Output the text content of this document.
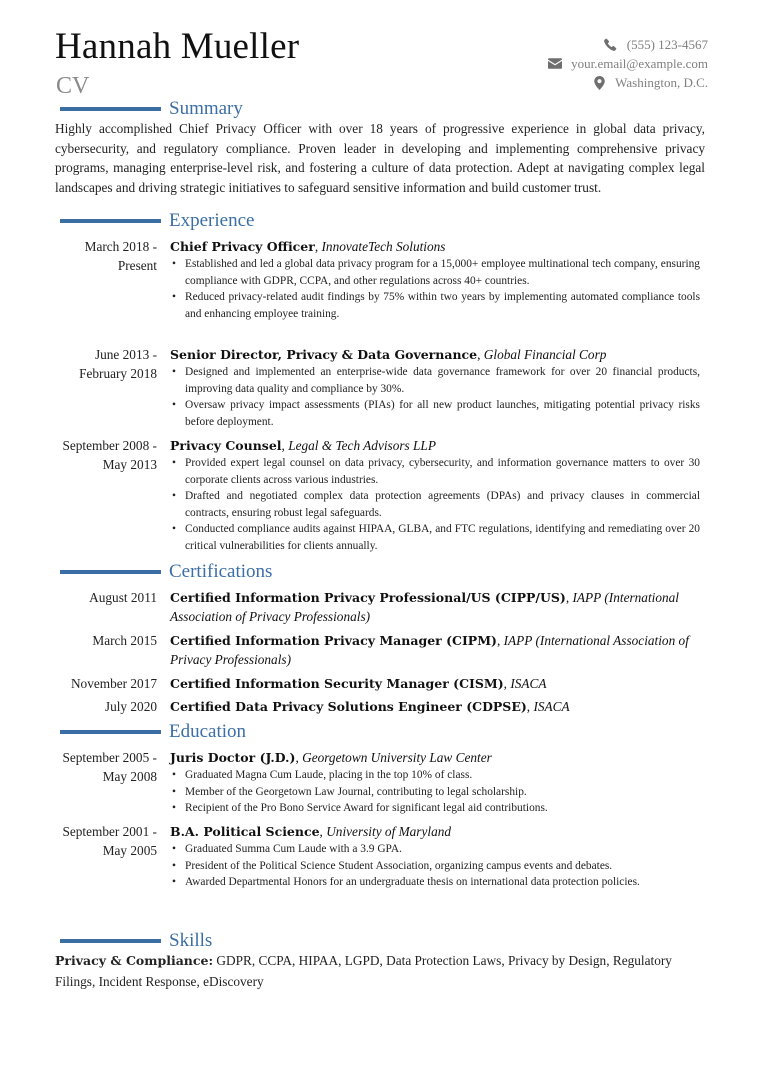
Hannah Mueller
CV
(555) 123-4567
your.email@example.com
Washington, D.C.
Summary
Highly accomplished Chief Privacy Officer with over 18 years of progressive experience in global data privacy, cybersecurity, and regulatory compliance. Proven leader in developing and implementing comprehensive privacy programs, managing enterprise-level risk, and fostering a culture of data protection. Adept at navigating complex legal landscapes and driving strategic initiatives to safeguard sensitive information and build customer trust.
Experience
March 2018 - Present
Chief Privacy Officer, InnovateTech Solutions
• Established and led a global data privacy program for a 15,000+ employee multinational tech company, ensuring compliance with GDPR, CCPA, and other regulations across 40+ countries.
• Reduced privacy-related audit findings by 75% within two years by implementing automated compliance tools and enhancing employee training.
June 2013 - February 2018
Senior Director, Privacy & Data Governance, Global Financial Corp
• Designed and implemented an enterprise-wide data governance framework for over 20 financial products, improving data quality and compliance by 30%.
• Oversaw privacy impact assessments (PIAs) for all new product launches, mitigating potential privacy risks before deployment.
September 2008 - May 2013
Privacy Counsel, Legal & Tech Advisors LLP
• Provided expert legal counsel on data privacy, cybersecurity, and information governance matters to over 30 corporate clients across various industries.
• Drafted and negotiated complex data protection agreements (DPAs) and privacy clauses in commercial contracts, ensuring robust legal safeguards.
• Conducted compliance audits against HIPAA, GLBA, and FTC regulations, identifying and remediating over 20 critical vulnerabilities for clients annually.
Certifications
August 2011 Certified Information Privacy Professional/US (CIPP/US), IAPP (International Association of Privacy Professionals)
March 2015 Certified Information Privacy Manager (CIPM), IAPP (International Association of Privacy Professionals)
November 2017 Certified Information Security Manager (CISM), ISACA
July 2020 Certified Data Privacy Solutions Engineer (CDPSE), ISACA
Education
September 2005 - May 2008
Juris Doctor (J.D.), Georgetown University Law Center
• Graduated Magna Cum Laude, placing in the top 10% of class.
• Member of the Georgetown Law Journal, contributing to legal scholarship.
• Recipient of the Pro Bono Service Award for significant legal aid contributions.
September 2001 - May 2005
B.A. Political Science, University of Maryland
• Graduated Summa Cum Laude with a 3.9 GPA.
• President of the Political Science Student Association, organizing campus events and debates.
• Awarded Departmental Honors for an undergraduate thesis on international data protection policies.
Skills
Privacy & Compliance: GDPR, CCPA, HIPAA, LGPD, Data Protection Laws, Privacy by Design, Regulatory Filings, Incident Response, eDiscovery
